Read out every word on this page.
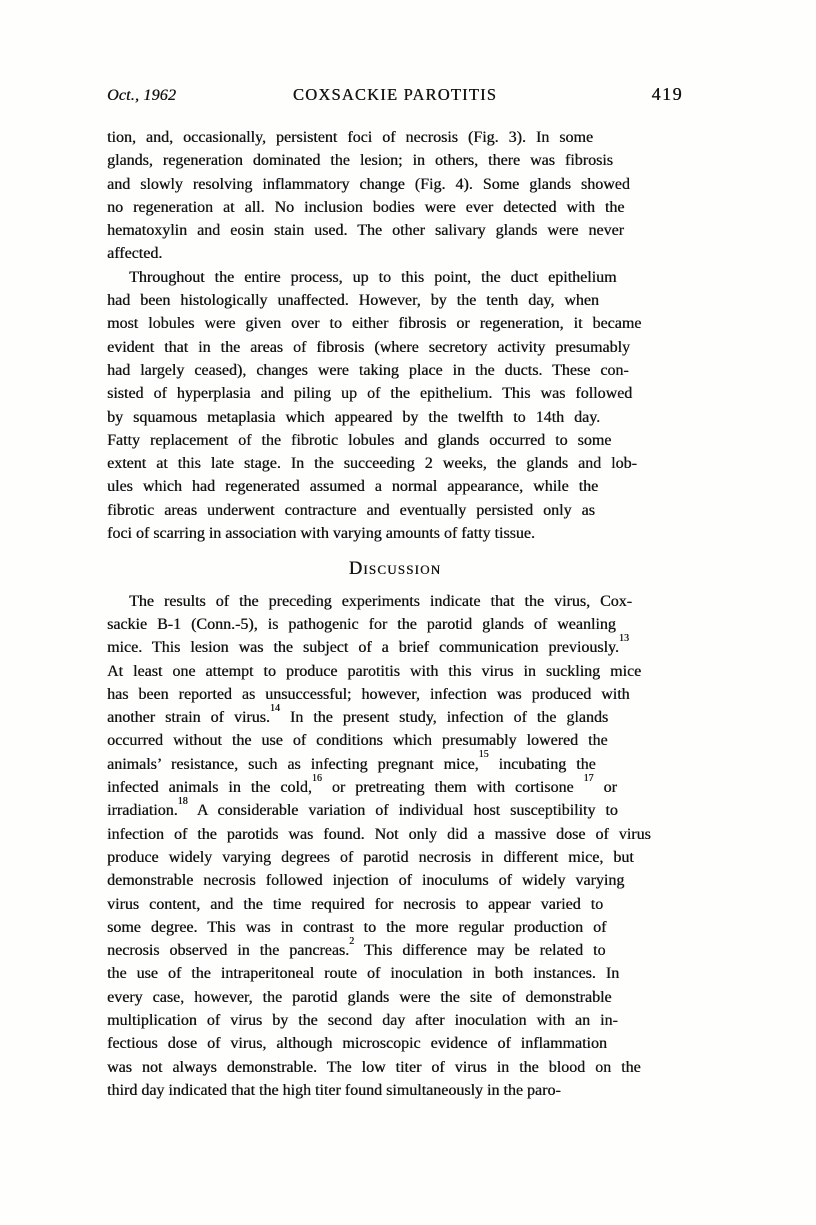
Oct., 1962	COXSACKIE PAROTITIS	419
tion, and, occasionally, persistent foci of necrosis (Fig. 3). In some
glands, regeneration dominated the lesion; in others, there was fibrosis
and slowly resolving inflammatory change (Fig. 4). Some glands showed
no regeneration at all. No inclusion bodies were ever detected with the
hematoxylin and eosin stain used. The other salivary glands were never
affected.
Throughout the entire process, up to this point, the duct epithelium
had been histologically unaffected. However, by the tenth day, when
most lobules were given over to either fibrosis or regeneration, it became
evident that in the areas of fibrosis (where secretory activity presumably
had largely ceased), changes were taking place in the ducts. These con-
sisted of hyperplasia and piling up of the epithelium. This was followed
by squamous metaplasia which appeared by the twelfth to 14th day.
Fatty replacement of the fibrotic lobules and glands occurred to some
extent at this late stage. In the succeeding 2 weeks, the glands and lob-
ules which had regenerated assumed a normal appearance, while the
fibrotic areas underwent contracture and eventually persisted only as
foci of scarring in association with varying amounts of fatty tissue.
Discussion
The results of the preceding experiments indicate that the virus, Cox-
sackie B-1 (Conn.-5), is pathogenic for the parotid glands of weanling
mice. This lesion was the subject of a brief communication previously.$^{13}$
At least one attempt to produce parotitis with this virus in suckling mice
has been reported as unsuccessful; however, infection was produced with
another strain of virus.$^{14}$ In the present study, infection of the glands
occurred without the use of conditions which presumably lowered the
animals’ resistance, such as infecting pregnant mice,$^{15}$ incubating the
infected animals in the cold,$^{16}$ or pretreating them with cortisone $^{17}$ or
irradiation.$^{18}$ A considerable variation of individual host susceptibility to
infection of the parotids was found. Not only did a massive dose of virus
produce widely varying degrees of parotid necrosis in different mice, but
demonstrable necrosis followed injection of inoculums of widely varying
virus content, and the time required for necrosis to appear varied to
some degree. This was in contrast to the more regular production of
necrosis observed in the pancreas.$^2$ This difference may be related to
the use of the intraperitoneal route of inoculation in both instances. In
every case, however, the parotid glands were the site of demonstrable
multiplication of virus by the second day after inoculation with an in-
fectious dose of virus, although microscopic evidence of inflammation
was not always demonstrable. The low titer of virus in the blood on the
third day indicated that the high titer found simultaneously in the paro-
